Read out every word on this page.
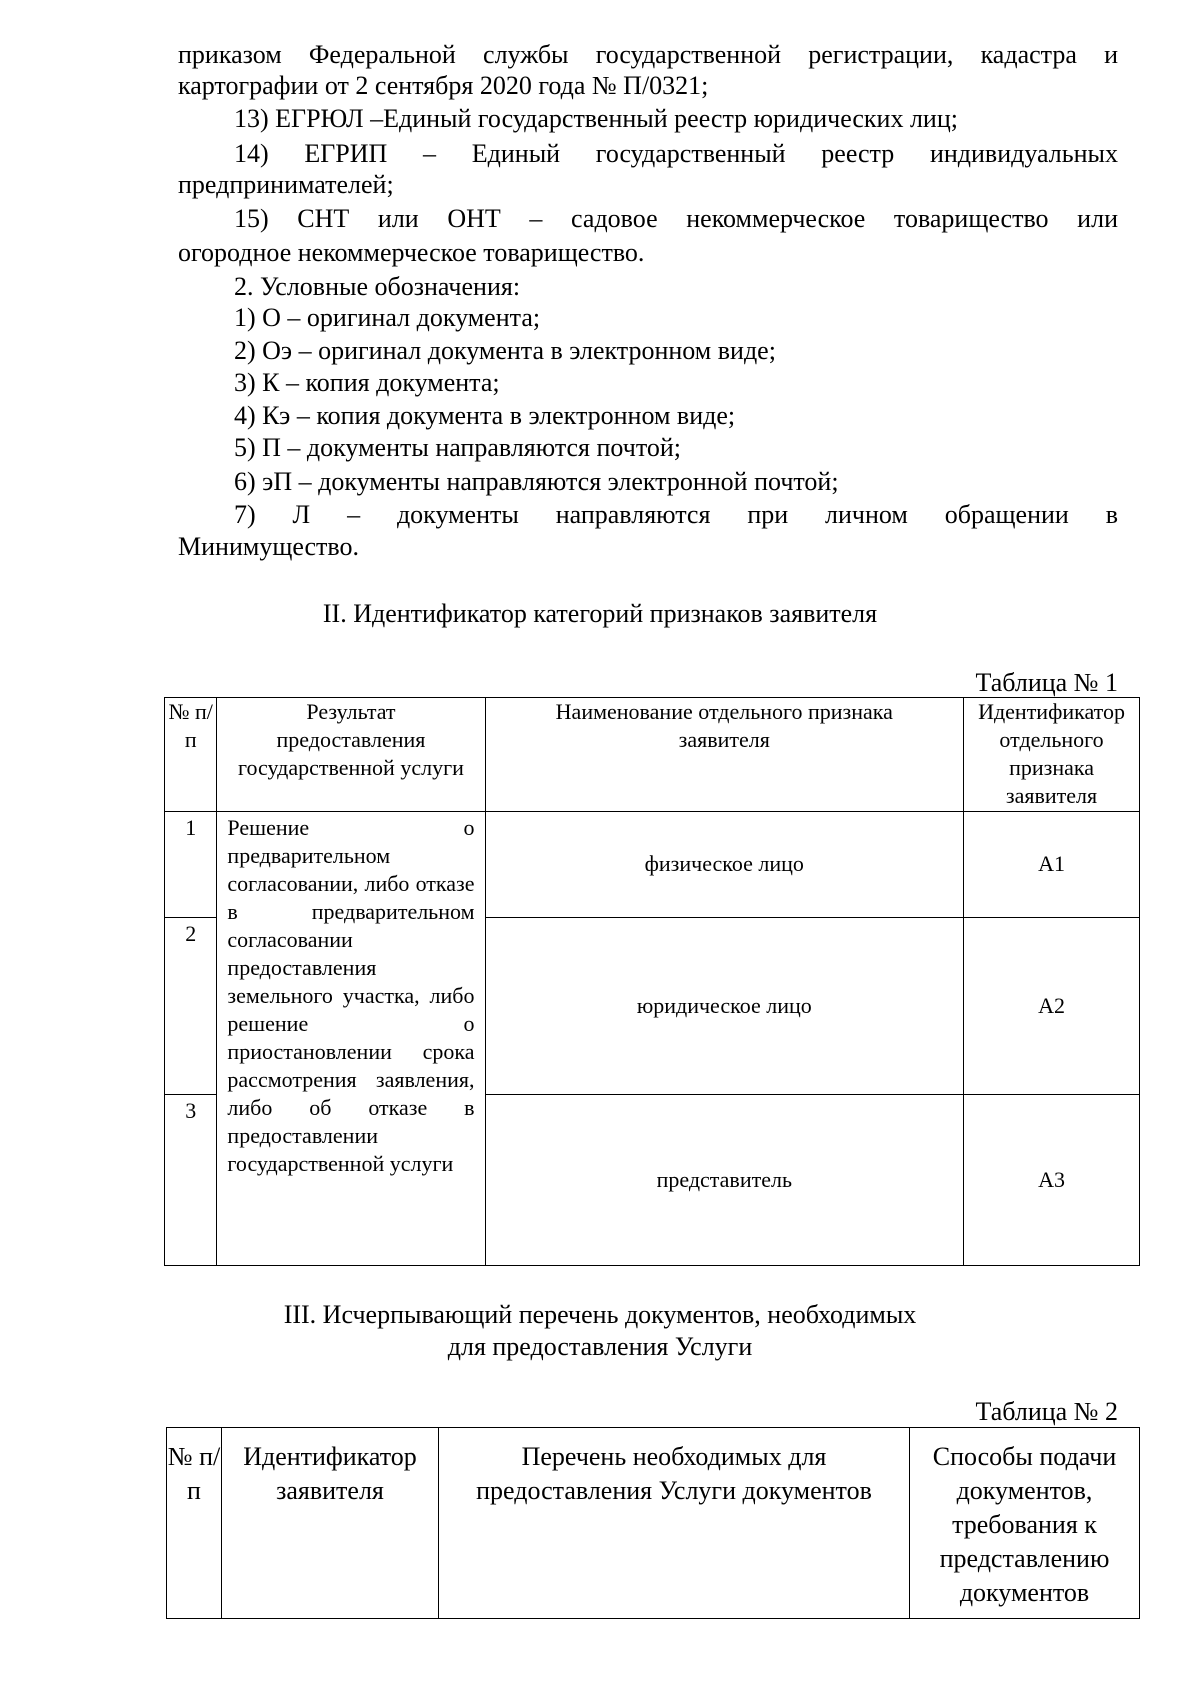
приказом Федеральной службы государственной регистрации, кадастра и
картографии от 2 сентября 2020 года № П/0321;
13) ЕГРЮЛ –Единый государственный реестр юридических лиц;
14) ЕГРИП – Единый государственный реестр индивидуальных
предпринимателей;
15) СНТ или ОНТ – садовое некоммерческое товарищество или
огородное некоммерческое товарищество.
2. Условные обозначения:
1) О – оригинал документа;
2) Оэ – оригинал документа в электронном виде;
3) К – копия документа;
4) Кэ – копия документа в электронном виде;
5) П – документы направляются почтой;
6) эП – документы направляются электронной почтой;
7) Л – документы направляются при личном обращении в
Минимущество.
II. Идентификатор категорий признаков заявителя
Таблица № 1
№ п/п	Результат предоставления государственной услуги	Наименование отдельного признака заявителя	Идентификатор отдельного признака заявителя
1	Решение о предварительном согласовании, либо отказе в предварительном согласовании предоставления земельного участка, либо решение о приостановлении срока рассмотрения заявления, либо об отказе в предоставлении государственной услуги	физическое лицо	А1
2		юридическое лицо	А2
3		представитель	А3
III. Исчерпывающий перечень документов, необходимых
для предоставления Услуги
Таблица № 2
№ п/п	Идентификатор заявителя	Перечень необходимых для предоставления Услуги документов	Способы подачи документов, требования к представлению документов
